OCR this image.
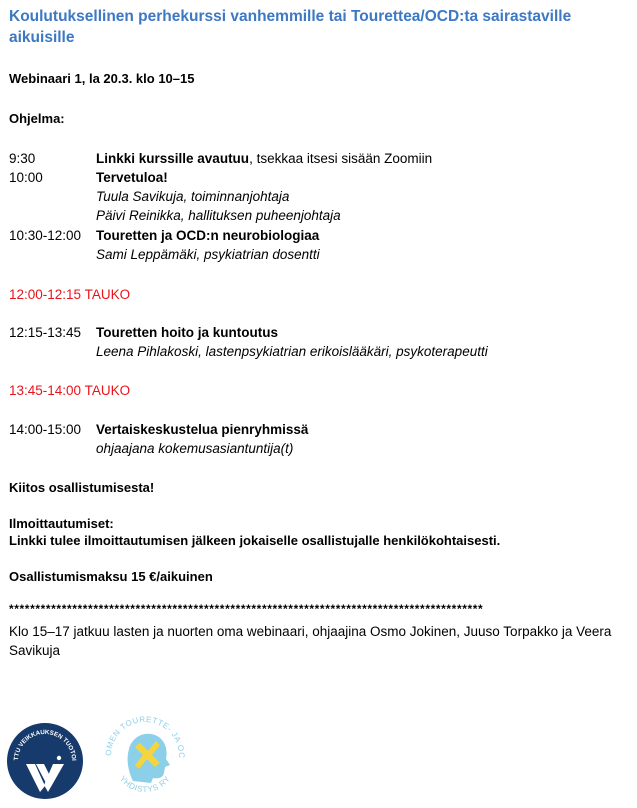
Koulutuksellinen perhekurssi vanhemmille tai Tourettea/OCD:ta sairastaville aikuisille
Webinaari 1, la 20.3. klo 10–15
Ohjelma:
9:30	Linkki kurssille avautuu, tsekkaa itsesi sisään Zoomiin
10:00	Tervetuloa!
Tuula Savikuja, toiminnanjohtaja
Päivi Reinikka, hallituksen puheenjohtaja
10:30-12:00 Touretten ja OCD:n neurobiologiaa
Sami Leppämäki, psykiatrian dosentti
12:00-12:15 TAUKO
12:15-13:45 Touretten hoito ja kuntoutus
Leena Pihlakoski, lastenpsykiatrian erikoislääkäri, psykoterapeutti
13:45-14:00 TAUKO
14:00-15:00 Vertaiskeskustelua pienryhmissä
ohjaajana kokemusasiantuntija(t)
Kiitos osallistumisesta!
Ilmoittautumiset:
Linkki tulee ilmoittautumisen jälkeen jokaiselle osallistujalle henkilökohtaisesti.
Osallistumismaksu 15 €/aikuinen
******************************************************************************************
Klo 15–17 jatkuu lasten ja nuorten oma webinaari, ohjaajina Osmo Jokinen, Juuso Torpakko ja Veera Savikuja
TTU VEIKKAUKSEN TUOTOI
OMEN TOURETTE- JA OC
YHDISTYS RY
